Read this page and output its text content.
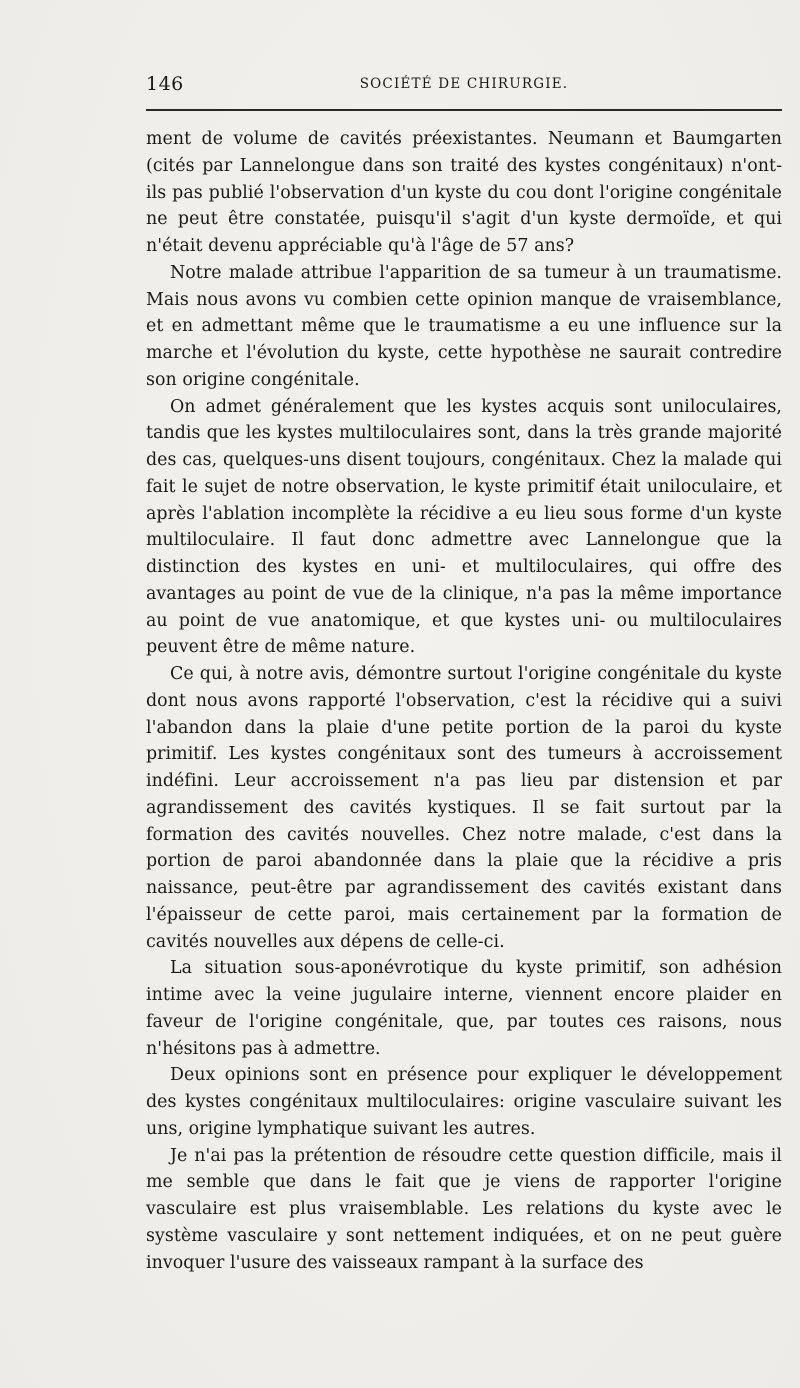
146	SOCIÉTÉ DE CHIRURGIE.

ment de volume de cavités préexistantes. Neumann et Baumgarten (cités par Lannelongue dans son traité des kystes congénitaux) n'ont-ils pas publié l'observation d'un kyste du cou dont l'origine congénitale ne peut être constatée, puisqu'il s'agit d'un kyste dermoïde, et qui n'était devenu appréciable qu'à l'âge de 57 ans?

Notre malade attribue l'apparition de sa tumeur à un traumatisme. Mais nous avons vu combien cette opinion manque de vraisemblance, et en admettant même que le traumatisme a eu une influence sur la marche et l'évolution du kyste, cette hypothèse ne saurait contredire son origine congénitale.

On admet généralement que les kystes acquis sont uniloculaires, tandis que les kystes multiloculaires sont, dans la très grande majorité des cas, quelques-uns disent toujours, congénitaux. Chez la malade qui fait le sujet de notre observation, le kyste primitif était uniloculaire, et après l'ablation incomplète la récidive a eu lieu sous forme d'un kyste multiloculaire. Il faut donc admettre avec Lannelongue que la distinction des kystes en uni- et multiloculaires, qui offre des avantages au point de vue de la clinique, n'a pas la même importance au point de vue anatomique, et que kystes uni- ou multiloculaires peuvent être de même nature.

Ce qui, à notre avis, démontre surtout l'origine congénitale du kyste dont nous avons rapporté l'observation, c'est la récidive qui a suivi l'abandon dans la plaie d'une petite portion de la paroi du kyste primitif. Les kystes congénitaux sont des tumeurs à accroissement indéfini. Leur accroissement n'a pas lieu par distension et par agrandissement des cavités kystiques. Il se fait surtout par la formation des cavités nouvelles. Chez notre malade, c'est dans la portion de paroi abandonnée dans la plaie que la récidive a pris naissance, peut-être par agrandissement des cavités existant dans l'épaisseur de cette paroi, mais certainement par la formation de cavités nouvelles aux dépens de celle-ci.

La situation sous-aponévrotique du kyste primitif, son adhésion intime avec la veine jugulaire interne, viennent encore plaider en faveur de l'origine congénitale, que, par toutes ces raisons, nous n'hésitons pas à admettre.

Deux opinions sont en présence pour expliquer le développement des kystes congénitaux multiloculaires: origine vasculaire suivant les uns, origine lymphatique suivant les autres.

Je n'ai pas la prétention de résoudre cette question difficile, mais il me semble que dans le fait que je viens de rapporter l'origine vasculaire est plus vraisemblable. Les relations du kyste avec le système vasculaire y sont nettement indiquées, et on ne peut guère invoquer l'usure des vaisseaux rampant à la surface des
